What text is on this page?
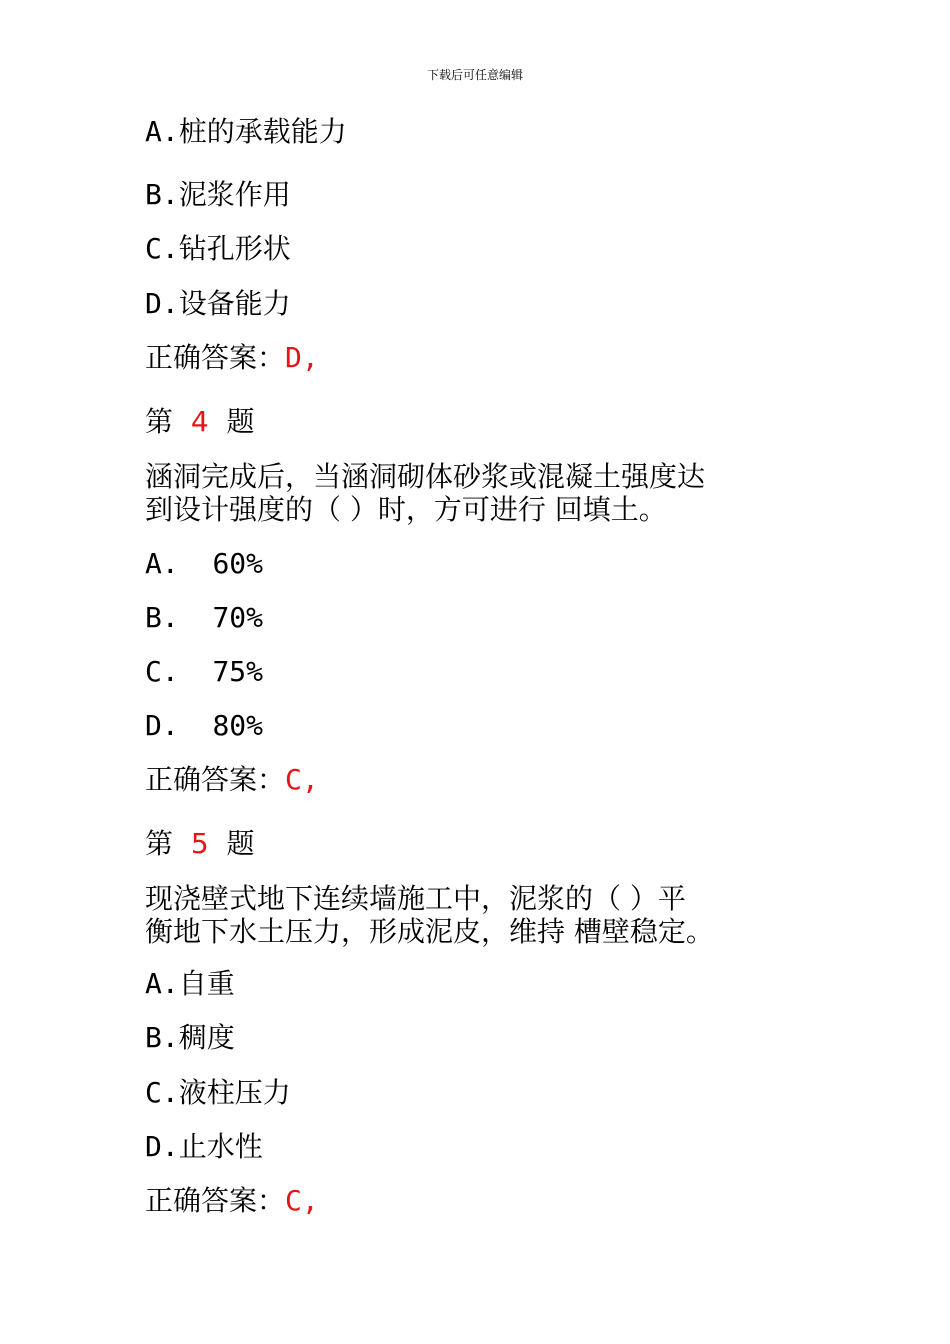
下载后可任意编辑
A.桩的承载能力
B.泥浆作用
C.钻孔形状
D.设备能力
正确答案：D,
第 4 题
涵洞完成后，当涵洞砌体砂浆或混凝土强度达
到设计强度的（ ）时，方可进行 回填土。
A. 60%
B. 70%
C. 75%
D. 80%
正确答案：C,
第 5 题
现浇壁式地下连续墙施工中，泥浆的（ ）平
衡地下水土压力，形成泥皮，维持 槽壁稳定。
A.自重
B.稠度
C.液柱压力
D.止水性
正确答案：C,
